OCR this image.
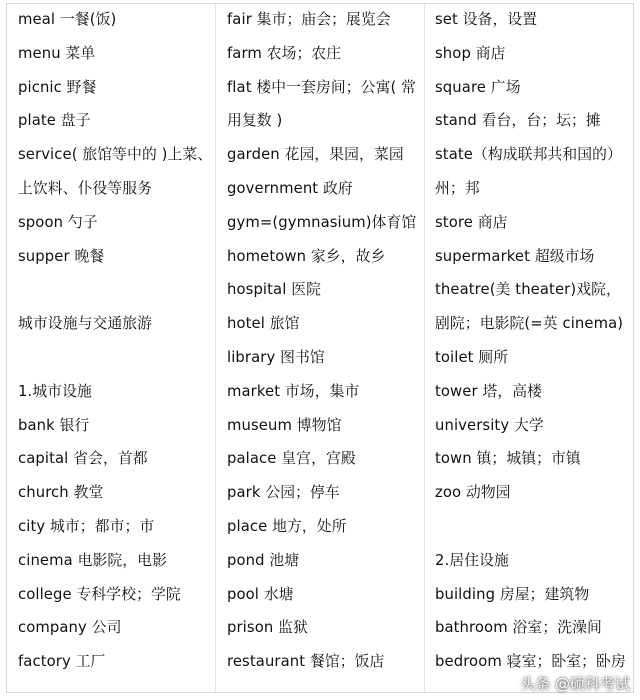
meal 一餐(饭)
menu 菜单
picnic 野餐
plate 盘子
service( 旅馆等中的 )上菜、
上饮料、仆役等服务
spoon 勺子
supper 晚餐
城市设施与交通旅游
1.城市设施
bank 银行
capital 省会，首都
church 教堂
city 城市；都市；市
cinema 电影院，电影
college 专科学校；学院
company 公司
factory 工厂
fair 集市；庙会；展览会
farm 农场；农庄
flat 楼中一套房间；公寓( 常
用复数 )
garden 花园，果园，菜园
government 政府
gym=(gymnasium)体育馆
hometown 家乡，故乡
hospital 医院
hotel 旅馆
library 图书馆
market 市场，集市
museum 博物馆
palace 皇宫，宫殿
park 公园；停车
place 地方，处所
pond 池塘
pool 水塘
prison 监狱
restaurant 餐馆；饭店
set 设备，设置
shop 商店
square 广场
stand 看台，台；坛；摊
state（构成联邦共和国的）
州；邦
store 商店
supermarket 超级市场
theatre(美 theater)戏院，
剧院；电影院(=英 cinema)
toilet 厕所
tower 塔，高楼
university 大学
town 镇；城镇；市镇
zoo 动物园
2.居住设施
building 房屋；建筑物
bathroom 浴室；洗澡间
bedroom 寝室；卧室；卧房
头条 @硕科考试
